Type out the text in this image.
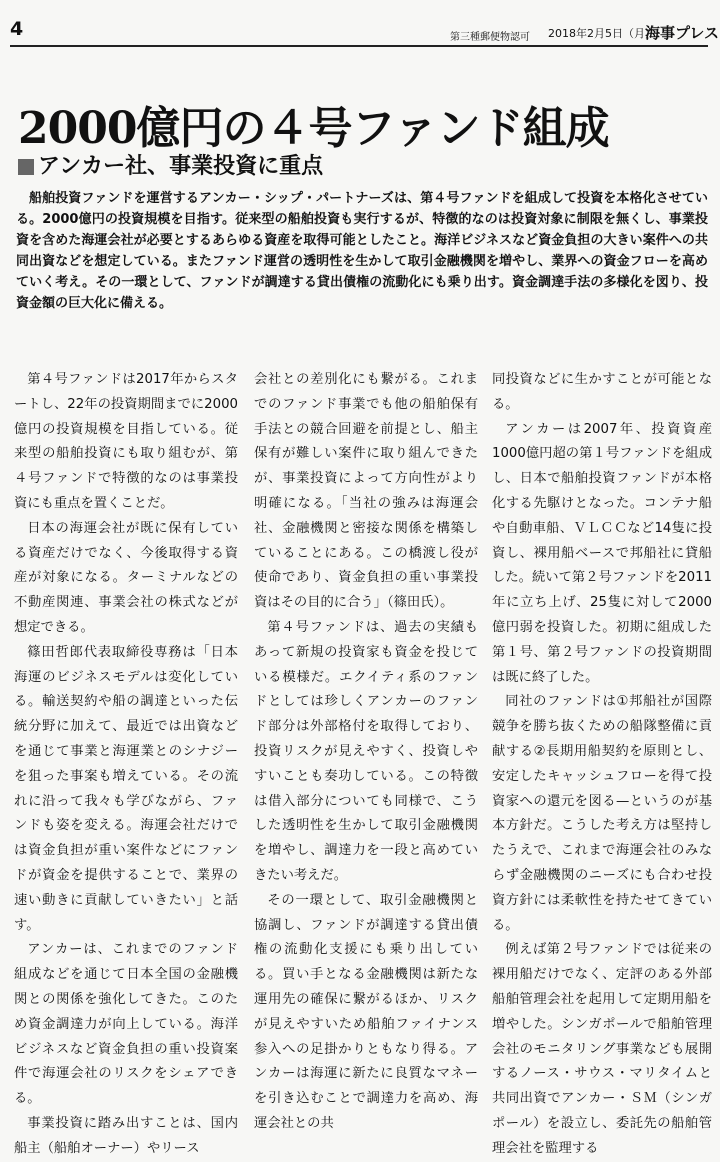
4	第三種郵便物認可 2018年2月5日（月）
海事プレス
2000億円の４号ファンド組成
アンカー社、事業投資に重点
船舶投資ファンドを運営するアンカー・シップ・パートナーズは、第４号ファンドを組成して投資を本格化させている。2000億円の投資規模を目指す。従来型の船舶投資も実行するが、特徴的なのは投資対象に制限を無くし、事業投資を含めた海運会社が必要とするあらゆる資産を取得可能としたこと。海洋ビジネスなど資金負担の大きい案件への共同出資などを想定している。またファンド運営の透明性を生かして取引金融機関を増やし、業界への資金フローを高めていく考え。その一環として、ファンドが調達する貸出債権の流動化にも乗り出す。資金調達手法の多様化を図り、投資金額の巨大化に備える。

第４号ファンドは2017年からスタートし、22年の投資期間までに2000億円の投資規模を目指している。従来型の船舶投資にも取り組むが、第４号ファンドで特徴的なのは事業投資にも重点を置くことだ。

日本の海運会社が既に保有している資産だけでなく、今後取得する資産が対象になる。ターミナルなどの不動産関連、事業会社の株式などが想定できる。

篠田哲郎代表取締役専務は「日本海運のビジネスモデルは変化している。輸送契約や船の調達といった伝統分野に加えて、最近では出資などを通じて事業と海運業とのシナジーを狙った事案も増えている。その流れに沿って我々も学びながら、ファンドも姿を変える。海運会社だけでは資金負担が重い案件などにファンドが資金を提供することで、業界の速い動きに貢献していきたい」と話す。

アンカーは、これまでのファンド組成などを通じて日本全国の金融機関との関係を強化してきた。このため資金調達力が向上している。海洋ビジネスなど資金負担の重い投資案件で海運会社のリスクをシェアできる。

事業投資に踏み出すことは、国内船主（船舶オーナー）やリース

会社との差別化にも繋がる。これまでのファンド事業でも他の船舶保有手法との競合回避を前提とし、船主保有が難しい案件に取り組んできたが、事業投資によって方向性がより明確になる。「当社の強みは海運会社、金融機関と密接な関係を構築していることにある。この橋渡し役が使命であり、資金負担の重い事業投資はその目的に合う」（篠田氏）。

第４号ファンドは、過去の実績もあって新規の投資家も資金を投じている模様だ。エクイティ系のファンドとしては珍しくアンカーのファンド部分は外部格付を取得しており、投資リスクが見えやすく、投資しやすいことも奏功している。この特徴は借入部分についても同様で、こうした透明性を生かして取引金融機関を増やし、調達力を一段と高めていきたい考えだ。

その一環として、取引金融機関と協調し、ファンドが調達する貸出債権の流動化支援にも乗り出している。買い手となる金融機関は新たな運用先の確保に繋がるほか、リスクが見えやすいため船舶ファイナンス参入への足掛かりともなり得る。アンカーは海運に新たに良質なマネーを引き込むことで調達力を高め、海運会社との共

同投資などに生かすことが可能となる。

アンカーは2007年、投資資産1000億円超の第１号ファンドを組成し、日本で船舶投資ファンドが本格化する先駆けとなった。コンテナ船や自動車船、ＶＬＣＣなど14隻に投資し、裸用船ベースで邦船社に貸船した。続いて第２号ファンドを2011年に立ち上げ、25隻に対して2000億円弱を投資した。初期に組成した第１号、第２号ファンドの投資期間は既に終了した。

同社のファンドは①邦船社が国際競争を勝ち抜くための船隊整備に貢献する②長期用船契約を原則とし、安定したキャッシュフローを得て投資家への還元を図る—というのが基本方針だ。こうした考え方は堅持したうえで、これまで海運会社のみならず金融機関のニーズにも合わせ投資方針には柔軟性を持たせてきている。

例えば第２号ファンドでは従来の裸用船だけでなく、定評のある外部船舶管理会社を起用して定期用船を増やした。シンガポールで船舶管理会社のモニタリング事業なども展開するノース・サウス・マリタイムと共同出資でアンカー・ＳＭ（シンガポール）を設立し、委託先の船舶管理会社を監理する
